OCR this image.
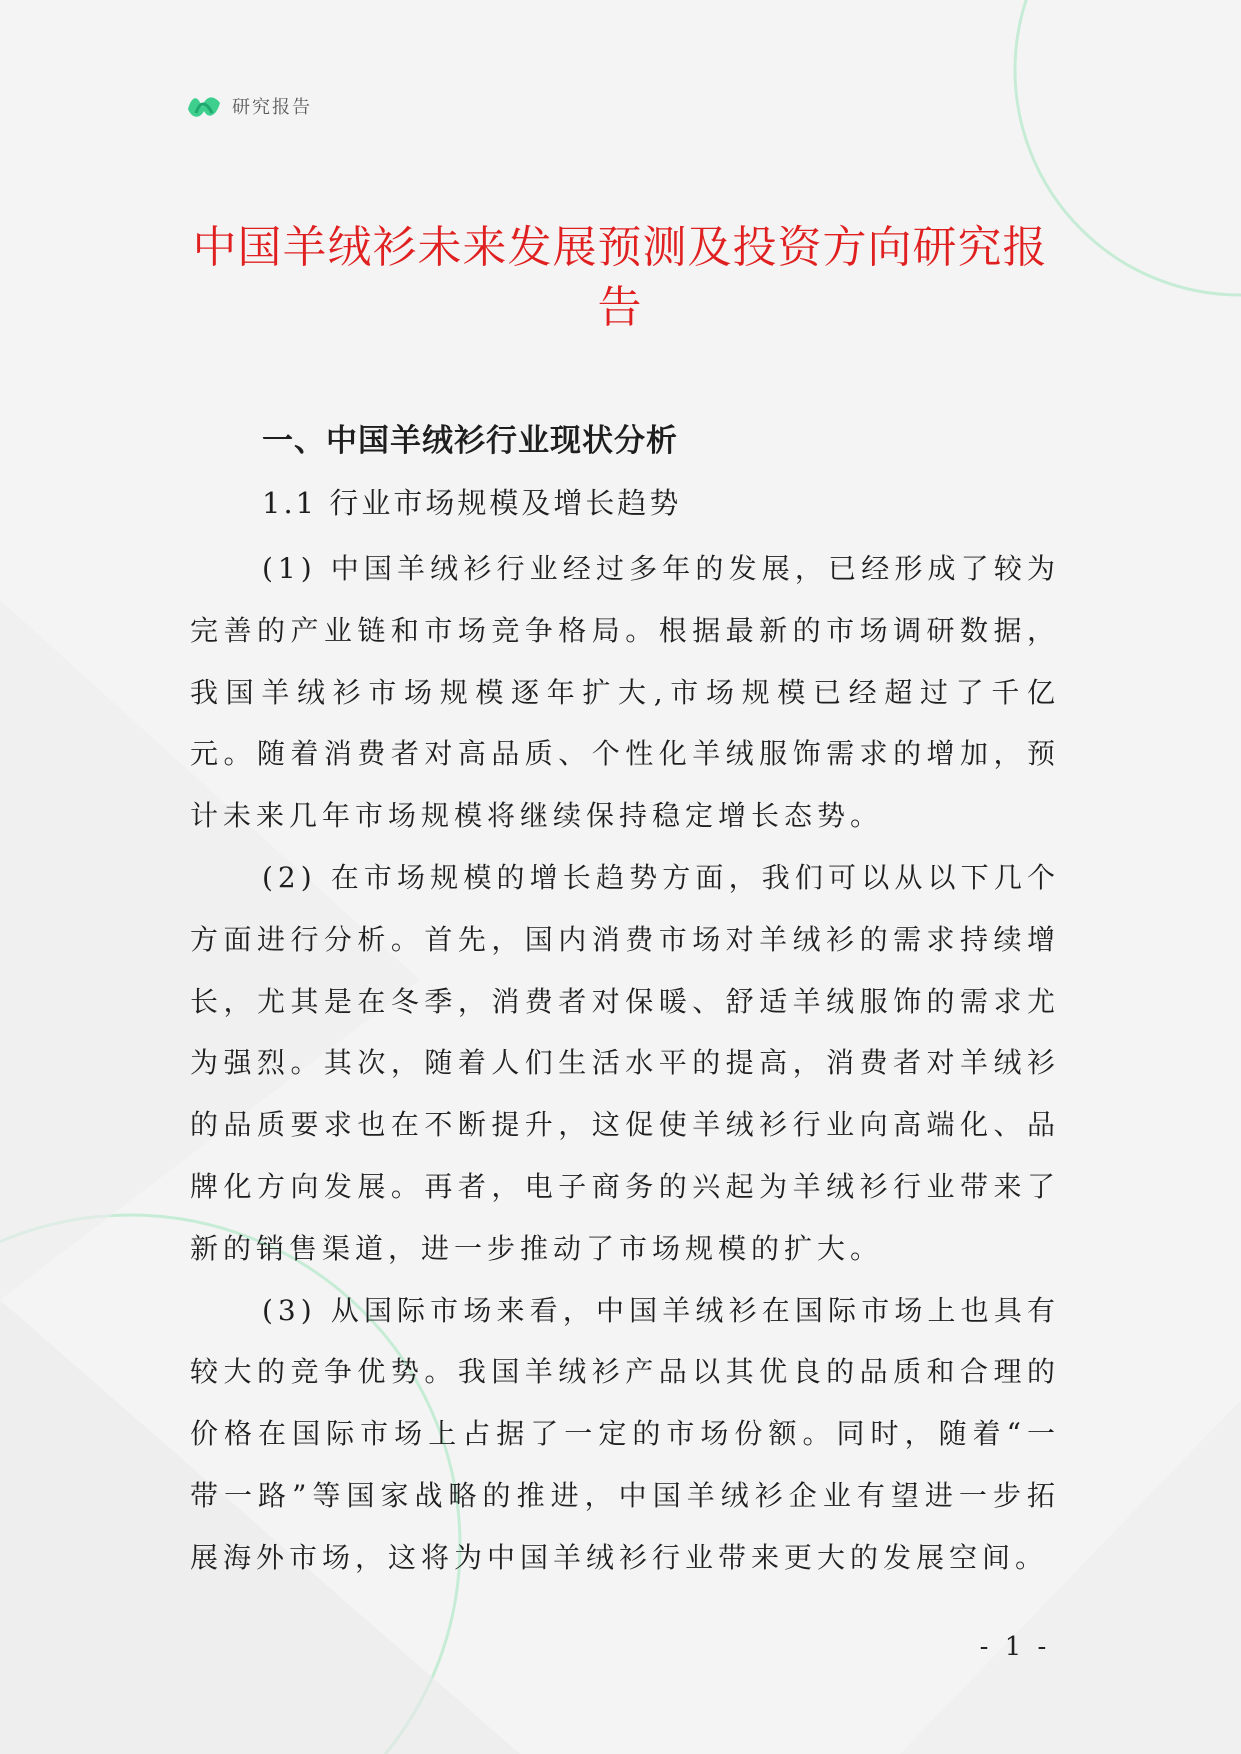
研究报告
中国羊绒衫未来发展预测及投资方向研究报告
一、中国羊绒衫行业现状分析
1.1 行业市场规模及增长趋势

(1) 中国羊绒衫行业经过多年的发展，已经形成了较为完善的产业链和市场竞争格局。根据最新的市场调研数据，我国羊绒衫市场规模逐年扩大,市场规模已经超过了千亿元。随着消费者对高品质、个性化羊绒服饰需求的增加，预计未来几年市场规模将继续保持稳定增长态势。

(2) 在市场规模的增长趋势方面，我们可以从以下几个方面进行分析。首先，国内消费市场对羊绒衫的需求持续增长，尤其是在冬季，消费者对保暖、舒适羊绒服饰的需求尤为强烈。其次，随着人们生活水平的提高，消费者对羊绒衫的品质要求也在不断提升，这促使羊绒衫行业向高端化、品牌化方向发展。再者，电子商务的兴起为羊绒衫行业带来了新的销售渠道，进一步推动了市场规模的扩大。

(3) 从国际市场来看，中国羊绒衫在国际市场上也具有较大的竞争优势。我国羊绒衫产品以其优良的品质和合理的价格在国际市场上占据了一定的市场份额。同时，随着“一带一路”等国家战略的推进，中国羊绒衫企业有望进一步拓展海外市场，这将为中国羊绒衫行业带来更大的发展空间。

- 1 -
